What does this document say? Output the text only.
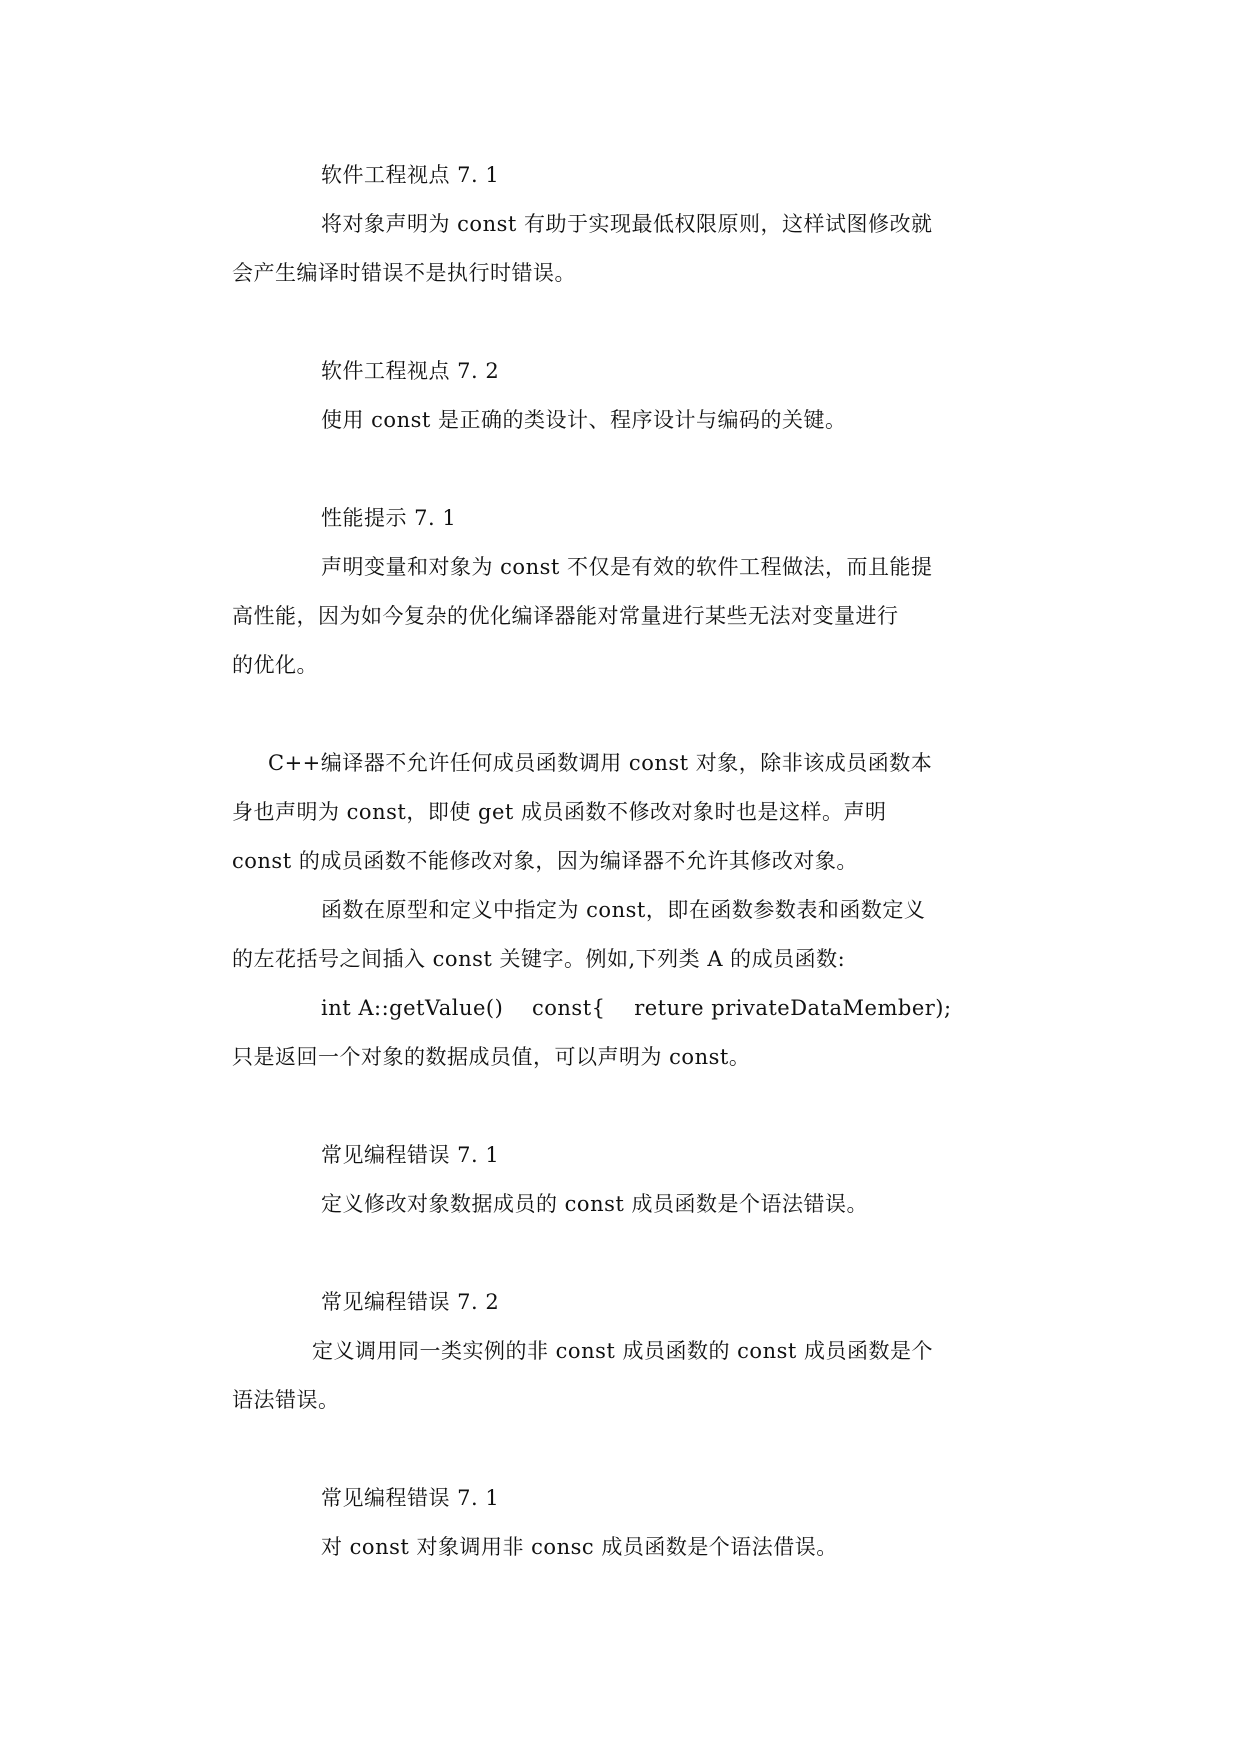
软件工程视点 7. 1
将对象声明为 const 有助于实现最低权限原则，这样试图修改就
会产生编译时错误不是执行时错误。
软件工程视点 7. 2
使用 const 是正确的类设计、程序设计与编码的关键。
性能提示 7. 1
声明变量和对象为 const 不仅是有效的软件工程做法，而且能提
高性能，因为如今复杂的优化编译器能对常量进行某些无法对变量进行
的优化。
C++编译器不允许任何成员函数调用 const 对象，除非该成员函数本
身也声明为 const，即使 get 成员函数不修改对象时也是这样。声明
const 的成员函数不能修改对象，因为编译器不允许其修改对象。
函数在原型和定义中指定为 const，即在函数参数表和函数定义
的左花括号之间插入 const 关键字。例如,下列类 A 的成员函数:
int A::getValue()    const{    reture privateDataMember);
只是返回一个对象的数据成员值，可以声明为 const。
常见编程错误 7. 1
定义修改对象数据成员的 const 成员函数是个语法错误。
常见编程错误 7. 2
定义调用同一类实例的非 const 成员函数的 const 成员函数是个
语法错误。
常见编程错误 7. 1
对 const 对象调用非 consc 成员函数是个语法借误。
